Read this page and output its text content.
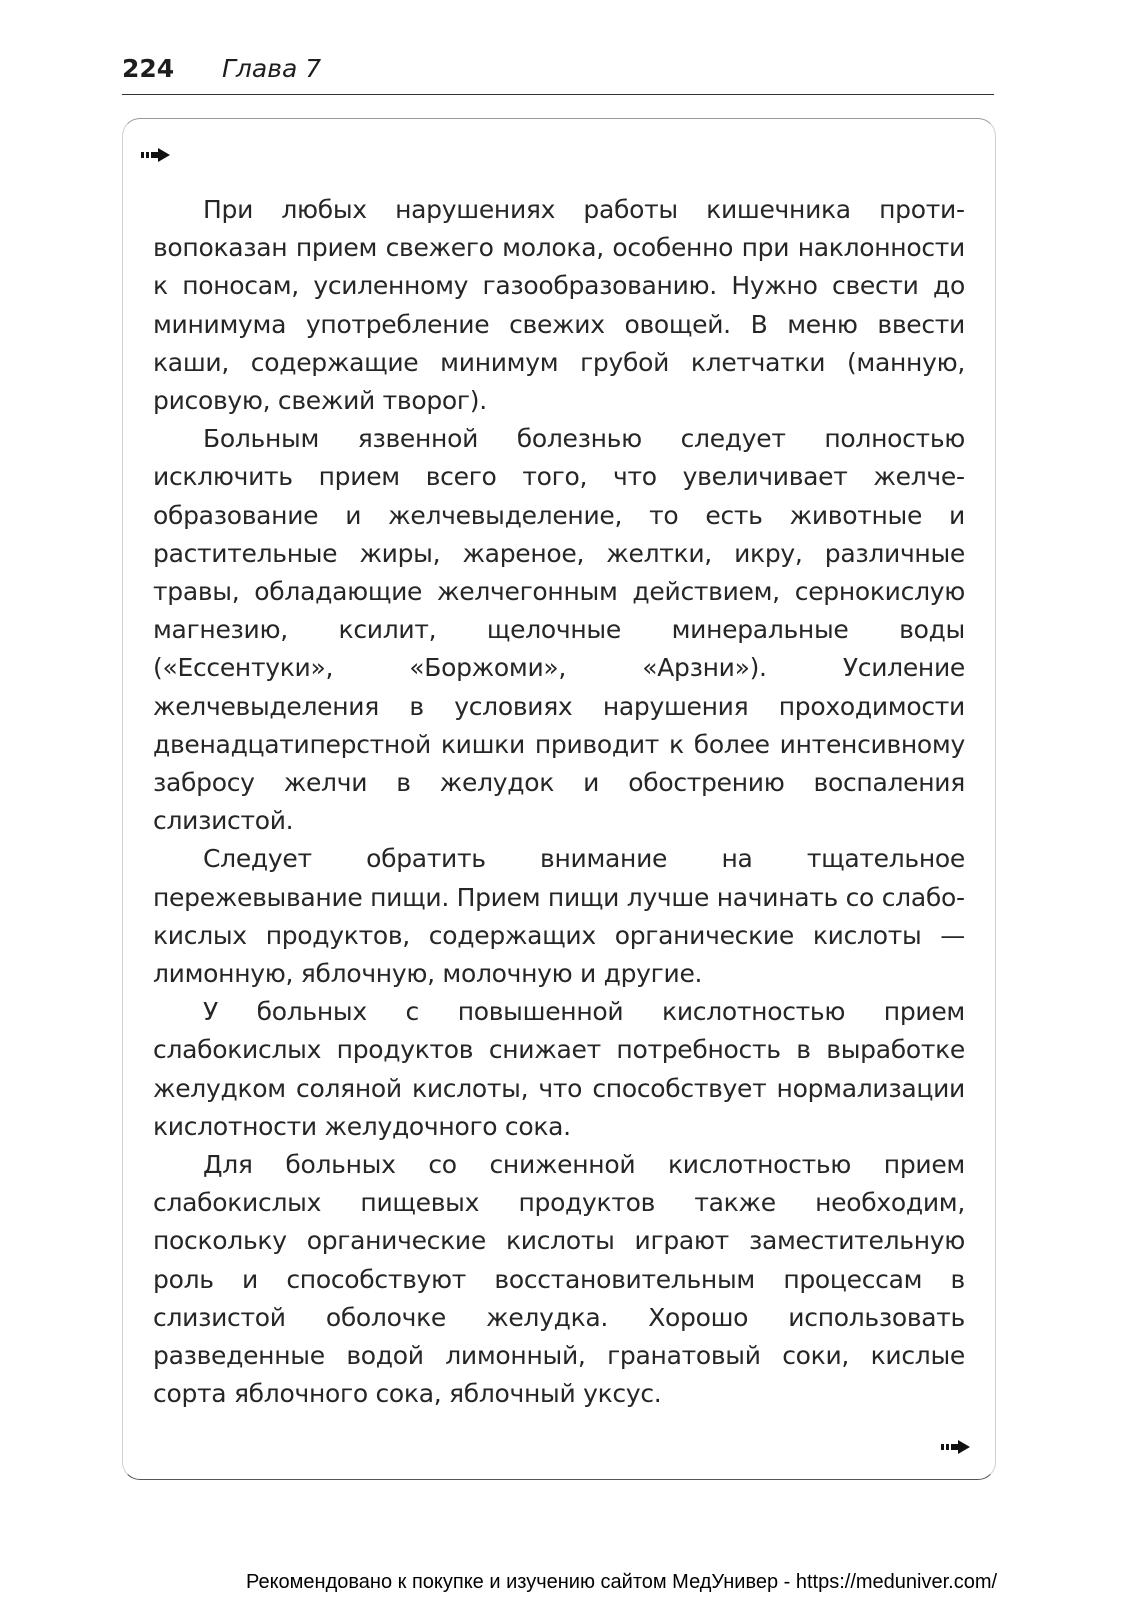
224 Глава 7

При любых нарушениях работы кишечника противопоказан прием свежего молока, особенно при наклонности к поносам, усиленному газообразованию. Нужно свести до минимума употребление свежих овощей. В меню ввести каши, содержащие минимум грубой клетчатки (манную, рисовую, свежий творог).

Больным язвенной болезнью следует полностью исключить прием всего того, что увеличивает желчеобразование и желчевыделение, то есть животные и растительные жиры, жареное, желтки, икру, различные травы, обладающие желчегонным действием, сернокислую магнезию, ксилит, щелочные минеральные воды («Ессентуки», «Боржоми», «Арзни»). Усиление желчевыделения в условиях нарушения проходимости двенадцатиперстной кишки приводит к более интенсивному забросу желчи в желудок и обострению воспаления слизистой.

Следует обратить внимание на тщательное пережевывание пищи. Прием пищи лучше начинать со слабокислых продуктов, содержащих органические кислоты — лимонную, яблочную, молочную и другие.

У больных с повышенной кислотностью прием слабокислых продуктов снижает потребность в выработке желудком соляной кислоты, что способствует нормализации кислотности желудочного сока.

Для больных со сниженной кислотностью прием слабокислых пищевых продуктов также необходим, поскольку органические кислоты играют заместительную роль и способствуют восстановительным процессам в слизистой оболочке желудка. Хорошо использовать разведенные водой лимонный, гранатовый соки, кислые сорта яблочного сока, яблочный уксус.

Рекомендовано к покупке и изучению сайтом МедУнивер - https://meduniver.com/
